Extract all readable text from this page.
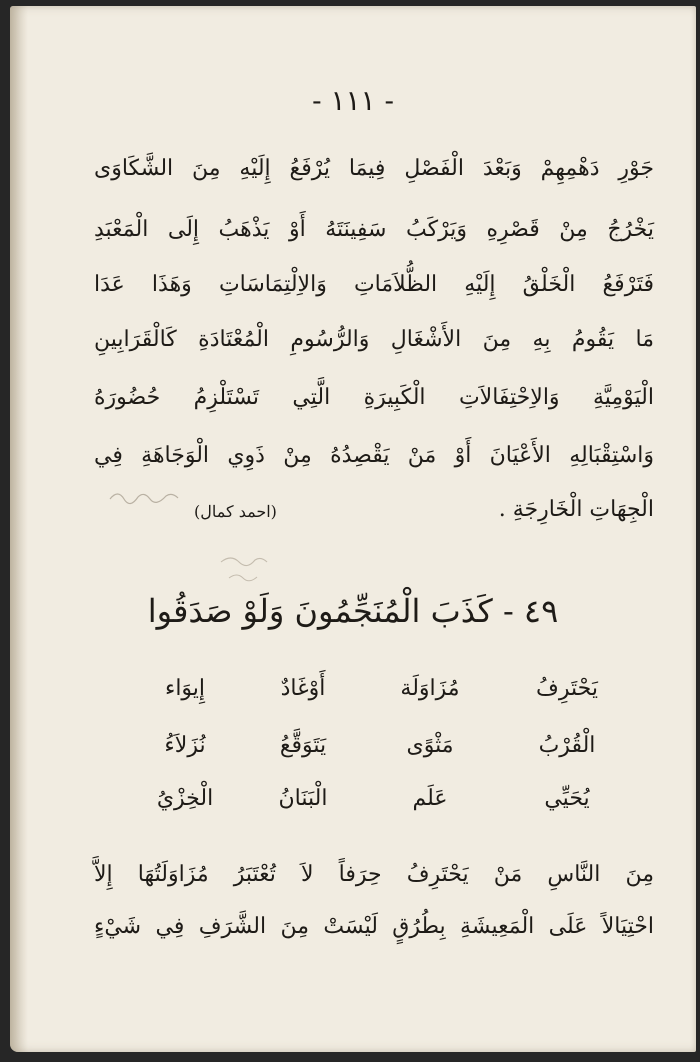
- ١١١ -
جَوْرِ دَهْمِهِمْ وَبَعْدَ الْفَصْلِ فِيمَا يُرْفَعُ إِلَيْهِ مِنَ الشَّكَاوَى
يَخْرُجُ مِنْ قَصْرِهِ وَيَرْكَبُ سَفِينَتَهُ أَوْ يَذْهَبُ إِلَى الْمَعْبَدِ
فَتَرْفَعُ الْخَلْقُ إِلَيْهِ الظُّلاَمَاتِ وَالاِلْتِمَاسَاتِ وَهَذَا عَدَا
مَا يَقُومُ بِهِ مِنَ الأَشْغَالِ وَالرُّسُومِ الْمُعْتَادَةِ كَالْقَرَابِينِ
الْيَوْمِيَّةِ وَالاِحْتِفَالاَتِ الْكَبِيرَةِ الَّتِي تَسْتَلْزِمُ حُضُورَهُ
وَاسْتِقْبَالِهِ الأَعْيَانَ أَوْ مَنْ يَقْصِدُهُ مِنْ ذَوِي الْوَجَاهَةِ فِي
الْجِهَاتِ الْخَارِجَةِ .
(احمد كمال)
٤٩ - كَذَبَ الْمُنَجِّمُونَ وَلَوْ صَدَقُوا
يَحْتَرِفُ
مُزَاوَلَة
أَوْغَادٌ
إِيوَاء
الْقُرْبُ
مَثْوًى
يَتَوَقَّعُ
نُزَلاَءُ
يُحَيِّي
عَلَم
الْبَنَانُ
الْخِزْيُ
مِنَ النَّاسِ مَنْ يَحْتَرِفُ حِرَفاً لاَ تُعْتَبَرُ مُزَاوَلَتُهَا إِلاَّ
احْتِيَالاً عَلَى الْمَعِيشَةِ بِطُرُقٍ لَيْسَتْ مِنَ الشَّرَفِ فِي شَيْءٍ
